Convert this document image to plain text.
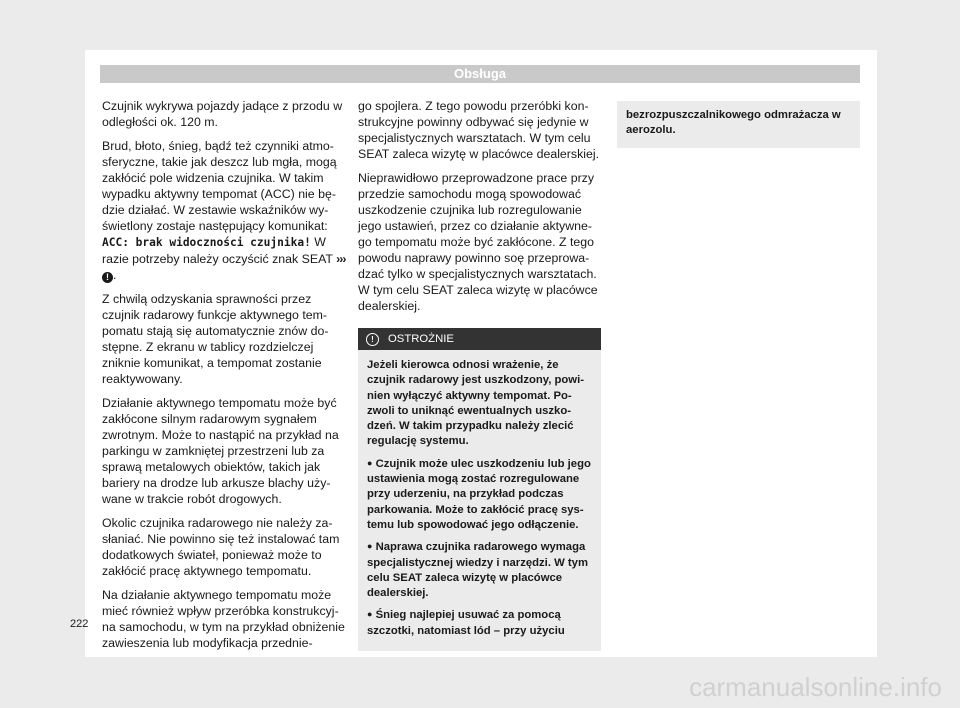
Obsługa

Czujnik wykrywa pojazdy jadące z przodu w odległości ok. 120 m.

Brud, błoto, śnieg, bądź też czynniki atmosferyczne, takie jak deszcz lub mgła, mogą zakłócić pole widzenia czujnika. W takim wypadku aktywny tempomat (ACC) nie będzie działać. W zestawie wskaźników wyświetlony zostaje następujący komunikat: ACC: brak widoczności czujnika! W razie potrzeby należy oczyścić znak SEAT ››› ! .

Z chwilą odzyskania sprawności przez czujnik radarowy funkcje aktywnego tempomatu stają się automatycznie znów dostępne. Z ekranu w tablicy rozdzielczej zniknie komunikat, a tempomat zostanie reaktywowany.

Działanie aktywnego tempomatu może być zakłócone silnym radarowym sygnałem zwrotnym. Może to nastąpić na przykład na parkingu w zamkniętej przestrzeni lub za sprawą metalowych obiektów, takich jak bariery na drodze lub arkusze blachy używane w trakcie robót drogowych.

Okolic czujnika radarowego nie należy zasłaniać. Nie powinno się też instalować tam dodatkowych świateł, ponieważ może to zakłócić pracę aktywnego tempomatu.

Na działanie aktywnego tempomatu może mieć również wpływ przeróbka konstrukcyjna samochodu, w tym na przykład obniżenie zawieszenia lub modyfikacja przednie-

go spojlera. Z tego powodu przeróbki konstrukcyjne powinny odbywać się jedynie w specjalistycznych warsztatach. W tym celu SEAT zaleca wizytę w placówce dealerskiej.

Nieprawidłowo przeprowadzone prace przy przedzie samochodu mogą spowodować uszkodzenie czujnika lub rozregulowanie jego ustawień, przez co działanie aktywnego tempomatu może być zakłócone. Z tego powodu naprawy powinno soę przeprowadzać tylko w specjalistycznych warsztatach. W tym celu SEAT zaleca wizytę w placówce dealerskiej.

!	OSTROŻNIE

Jeżeli kierowca odnosi wrażenie, że czujnik radarowy jest uszkodzony, powinien wyłączyć aktywny tempomat. Pozwoli to uniknąć ewentualnych uszkodzeń. W takim przypadku należy zlecić regulację systemu.

● Czujnik może ulec uszkodzeniu lub jego ustawienia mogą zostać rozregulowane przy uderzeniu, na przykład podczas parkowania. Może to zakłócić pracę systemu lub spowodować jego odłączenie.

● Naprawa czujnika radarowego wymaga specjalistycznej wiedzy i narzędzi. W tym celu SEAT zaleca wizytę w placówce dealerskiej.

● Śnieg najlepiej usuwać za pomocą szczotki, natomiast lód – przy użyciu

bezrozpuszczalnikowego odmrażacza w aerozolu.
222
carmanualsonline.info
